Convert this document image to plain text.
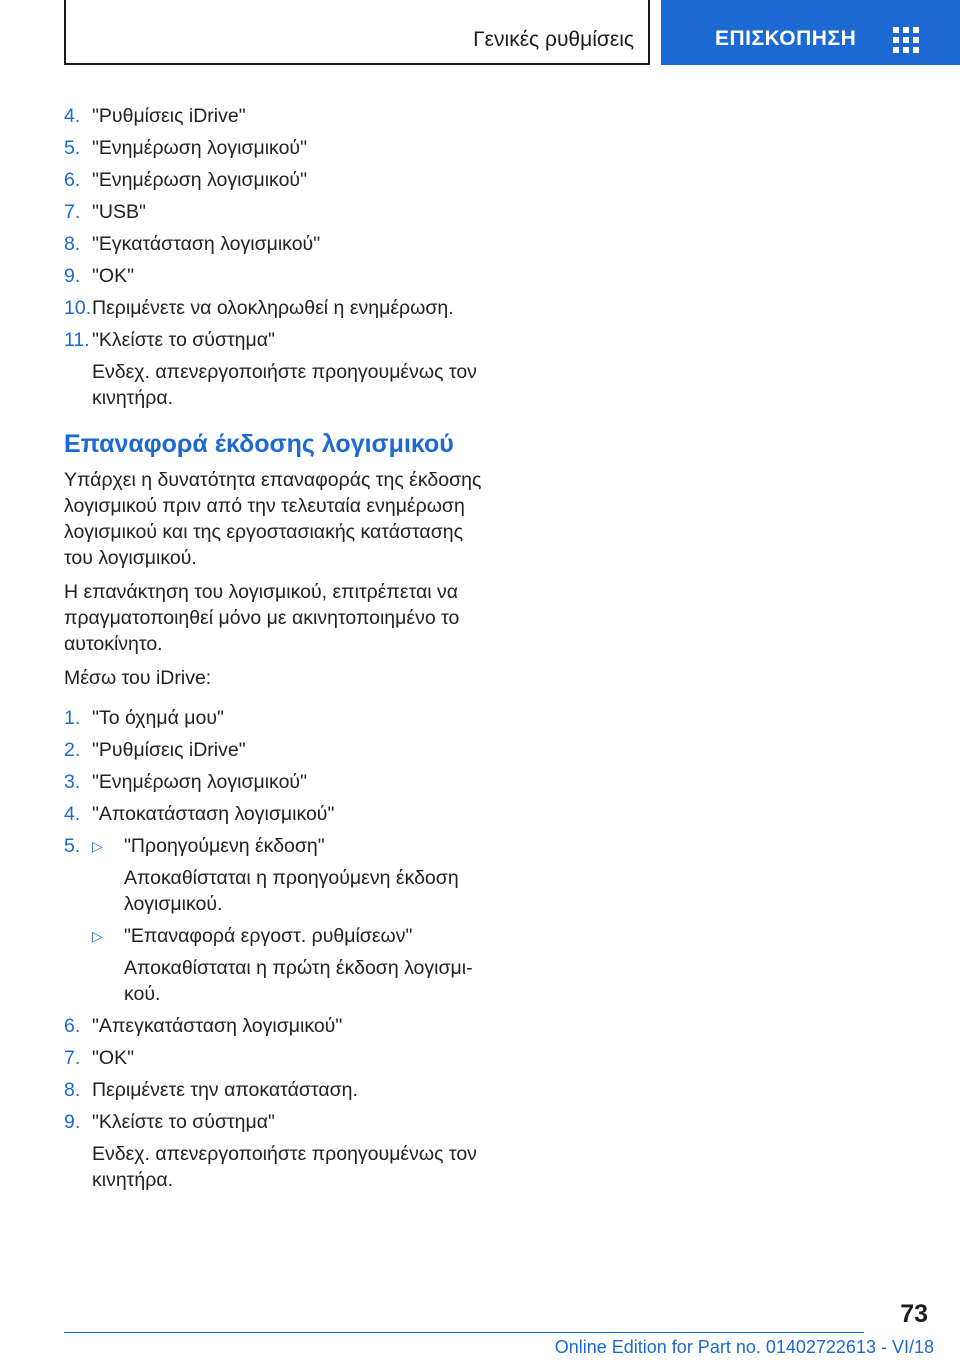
Γενικές ρυθμίσεις	ΕΠΙΣΚΟΠΗΣΗ
4. "Ρυθμίσεις iDrive"
5. "Ενημέρωση λογισμικού"
6. "Ενημέρωση λογισμικού"
7. "USB"
8. "Εγκατάσταση λογισμικού"
9. "OK"
10. Περιμένετε να ολοκληρωθεί η ενημέρωση.
11. "Κλείστε το σύστημα"
Ενδεχ. απενεργοποιήστε προηγουμένως τον κινητήρα.
Επαναφορά έκδοσης λογισμικού
Υπάρχει η δυνατότητα επαναφοράς της έκδοσης λογισμικού πριν από την τελευταία ενημέρωση λογισμικού και της εργοστασιακής κατάστασης του λογισμικού.
Η επανάκτηση του λογισμικού, επιτρέπεται να πραγματοποιηθεί μόνο με ακινητοποιημένο το αυτοκίνητο.
Μέσω του iDrive:
1. "Το όχημά μου"
2. "Ρυθμίσεις iDrive"
3. "Ενημέρωση λογισμικού"
4. "Αποκατάσταση λογισμικού"
5. ▷	"Προηγούμενη έκδοση"
Αποκαθίσταται η προηγούμενη έκδοση λογισμικού.
▷	"Επαναφορά εργοστ. ρυθμίσεων"
Αποκαθίσταται η πρώτη έκδοση λογισμι- κού.
6. "Απεγκατάσταση λογισμικού"
7. "OK"
8. Περιμένετε την αποκατάσταση.
9. "Κλείστε το σύστημα"
Ενδεχ. απενεργοποιήστε προηγουμένως τον κινητήρα.
73
Online Edition for Part no. 01402722613 - VI/18
